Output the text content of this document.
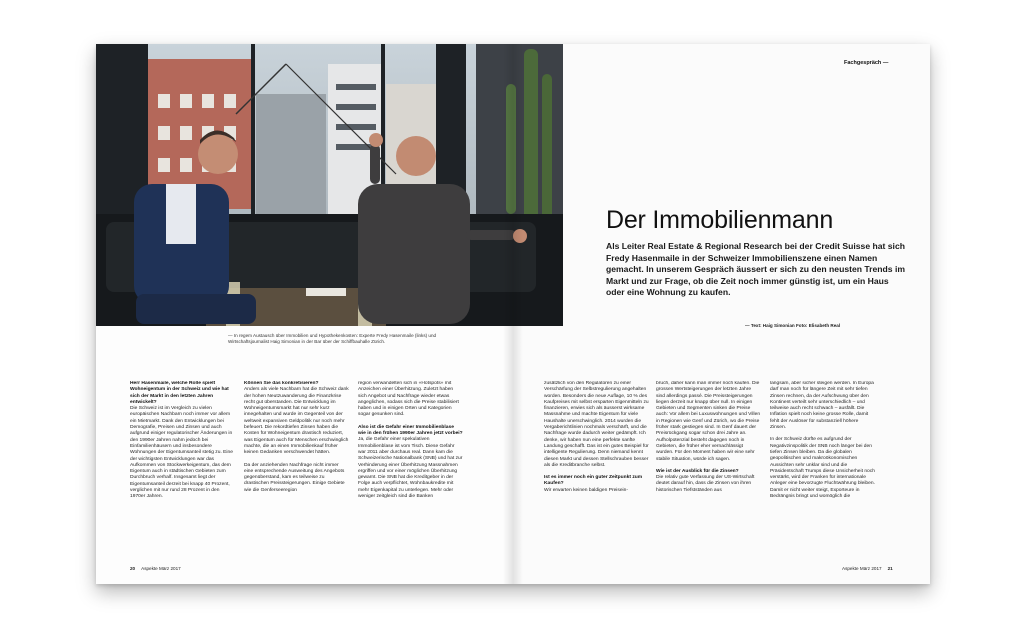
— In regem Austausch über Immobilien und Hypothekenkosten: Experte Fredy Hasenmaile (links) und Wirtschaftsjournalist Haig Simonian in der Bar über der Schiffbauhalle Zürich.
Fachgespräch —
Der Immobilienmann

Als Leiter Real Estate & Regional Research bei der Credit Suisse hat sich Fredy Hasenmaile in der Schweizer Immobilienszene einen Namen gemacht. In unserem Gespräch äussert er sich zu den neusten Trends im Markt und zur Frage, ob die Zeit noch immer günstig ist, um ein Haus oder eine Wohnung zu kaufen.

— Text: Haig Simonian Foto: Elisabeth Real

Herr Hasenmaile, welche Rolle spielt Wohneigentum in der Schweiz und wie hat sich der Markt in den letzten Jahren entwickelt?
Die Schweiz ist im Vergleich zu vielen europäischen Nachbarn noch immer vor allem ein Mietmarkt. Dank den Entwicklungen bei Demografie, Preisen und Zinsen und auch aufgrund einiger regulatorischer Änderungen in den 1990er Jahren nahm jedoch bei Einfamilienhäusern und insbesondere Wohnungen der Eigentumsanteil stetig zu. Eine der wichtigsten Entwicklungen war das Aufkommen von Stockwerkeigentum, das dem Eigentum auch in städtischen Gebieten zum Durchbruch verhalf. Insgesamt liegt der Eigentumsanteil derzeit bei knapp 40 Prozent, verglichen mit nur rund 28 Prozent in den 1970er Jahren.

Können Sie das konkretisieren?
Anders als viele Nachbarn hat die Schweiz dank der hohen Neutzuwanderung die Finanzkrise recht gut überstanden. Die Entwicklung im Wohneigentumsmarkt hat nur sehr kurz innegehalten und wurde im Gegenteil von der weltweit expansiven Geldpolitik nur noch mehr befeuert. Die rekordtiefen Zinsen haben die Kosten für Wohneigentum drastisch reduziert, was Eigentum auch für Menschen erschwinglich machte, die an einen Immobilienkauf früher keinen Gedanken verschwendet hätten.

Da der anziehenden Nachfrage nicht immer eine entsprechende Ausweitung des Angebots gegenüberstand, kam es teilweise zu drastischen Preissteigerungen. Einige Gebiete wie die Genferseeregion

region verwandelten sich in «Hotspots» mit Anzeichen einer Überhitzung. Zuletzt haben sich Angebot und Nachfrage wieder etwas angeglichen, sodass sich die Preise stabilisiert haben und in einigen Orten und Kategorien sogar gesunken sind.

Also ist die Gefahr einer Immobilienblase wie in den frühen 1990er Jahren jetzt vorbei?
Ja, die Gefahr einer spekulativen Immobilienblase ist vom Tisch. Diese Gefahr war 2011 aber durchaus real. Dann kam die Schweizerische Nationalbank (SNB) und hat zur Verhinderung einer Überhitzung Massnahmen ergriffen und vor einer möglichen Überhitzung gewarnt. Die SNB hat die Kreditgeber in der Folge auch verpflichtet, Wohnbaukredite mit mehr Eigenkapital zu unterlegen. Mehr oder weniger zeitgleich sind die Banken

zusätzlich von den Regulatoren zu einer Verschärfung der Selbstregulierung angehalten worden. Besonders die neue Auflage, 10 % des Kaufpreises mit selbst ersparten Eigenmitteln zu finanzieren, erwies sich als äusserst wirksame Massnahme und machte Eigentum für viele Haushalte unerschwinglich. 2014 wurden die Vergaberichtlinien nochmals verschärft, und die Nachfrage wurde dadurch weiter gedämpft. Ich denke, wir haben nun eine perfekte sanfte Landung geschafft. Das ist ein gutes Beispiel für intelligente Regulierung. Denn niemand kennt diesen Markt und dessen Stellschrauben besser als die Kreditbranche selbst.

Ist es immer noch ein guter Zeitpunkt zum Kaufen?
Wir erwarten keinen baldigen Preisein-

bruch, daher kann man immer noch kaufen. Die grossen Wertsteigerungen der letzten Jahre sind allerdings passé. Die Preissteigerungen liegen derzeit nur knapp über null. In einigen Gebieten und Segmenten sinken die Preise auch: Vor allem bei Luxuswohnungen und Villen in Regionen wie Genf und Zürich, wo die Preise früher stark gestiegen sind. In Genf dauert der Preisrückgang sogar schon drei Jahre an. Aufholpotenzial besteht dagegen noch in Gebieten, die früher eher vernachlässigt wurden. Für den Moment haben wir eine sehr stabile Situation, würde ich sagen.

Wie ist der Ausblick für die Zinsen?
Die relativ gute Verfassung der US-Wirtschaft deutet darauf hin, dass die Zinsen von ihren historischen Tiefstständen aus

langsam, aber sicher steigen werden. In Europa darf man noch für längere Zeit mit sehr tiefen Zinsen rechnen, da der Aufschwung über den Kontinent verteilt sehr unterschiedlich – und teilweise auch recht schwach – ausfällt. Die Inflation spielt noch keine grosse Rolle, damit fehlt der Auslöser für substanziell höhere Zinsen.

In der Schweiz dürfte es aufgrund der Negativzinspolitik der SNB noch länger bei den tiefen Zinsen bleiben. Da die globalen geopolitischen und makroökonomischen Aussichten sehr unklar sind und die Präsidentschaft Trumps diese Unsicherheit noch verstärkt, wird der Franken für internationale Anleger eine bevorzugte Fluchtwährung bleiben. Damit er nicht weiter steigt, Exporteure in Bedrängnis bringt und womöglich die

20 Aspekte März 2017	Aspekte März 2017 21
